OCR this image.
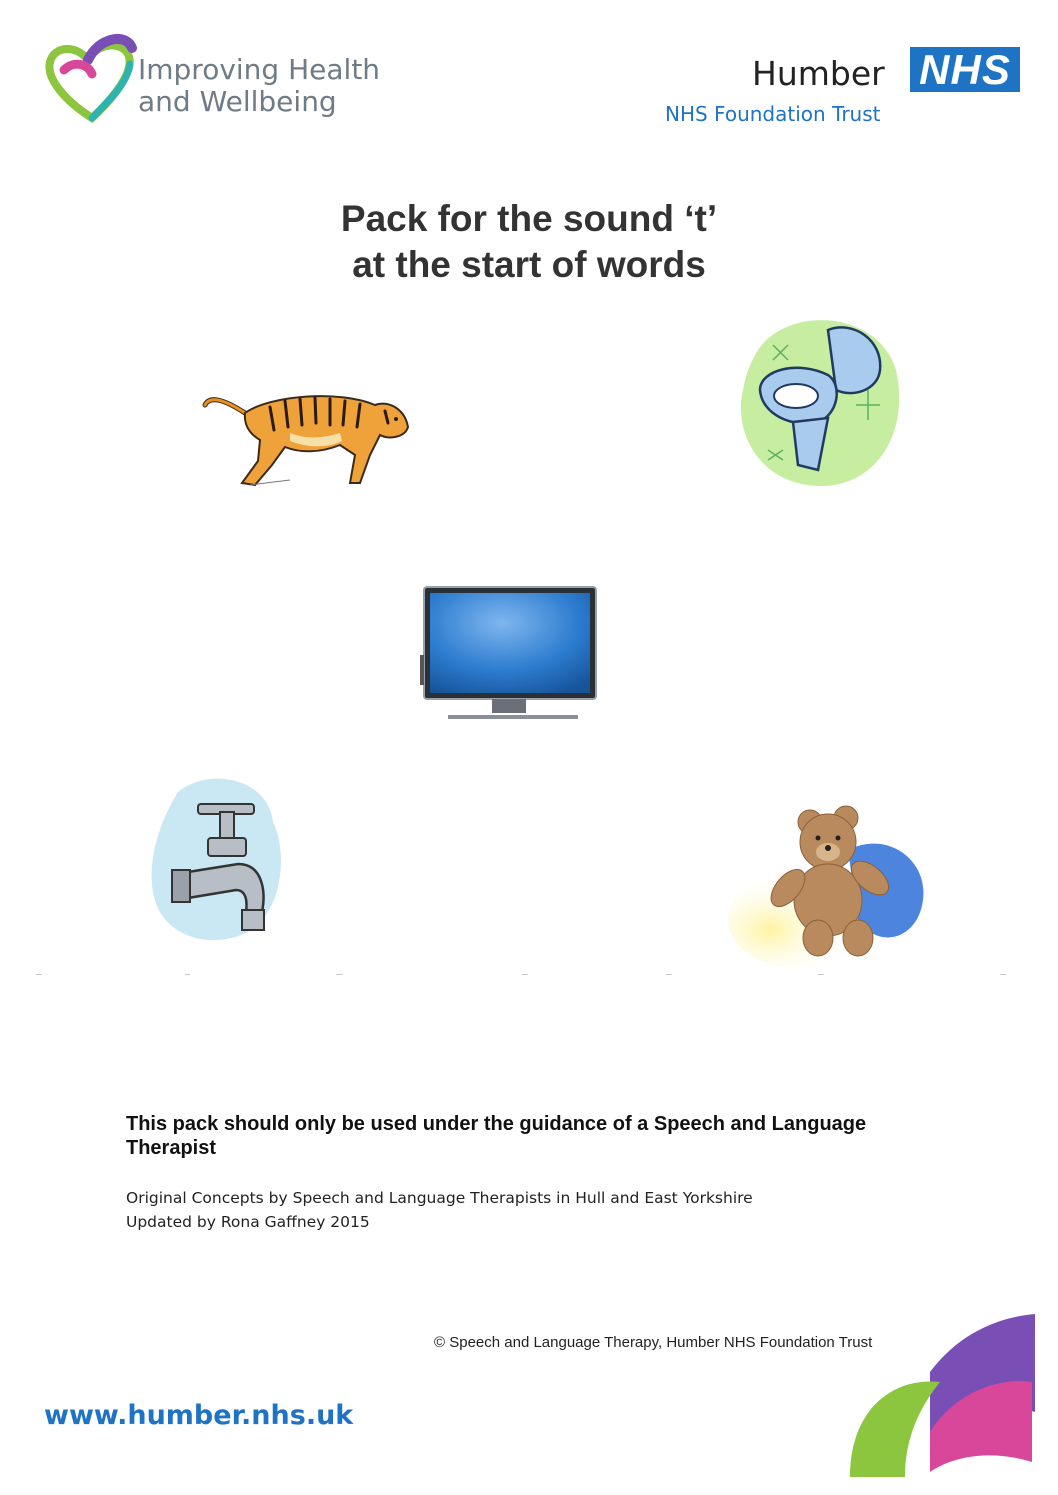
Improving Health
and Wellbeing
Humber NHS
NHS Foundation Trust
Pack for the sound ‘t’
at the start of words
This pack should only be used under the guidance of a Speech and Language Therapist
Original Concepts by Speech and Language Therapists in Hull and East Yorkshire
Updated by Rona Gaffney 2015
© Speech and Language Therapy, Humber NHS Foundation Trust
www.humber.nhs.uk
